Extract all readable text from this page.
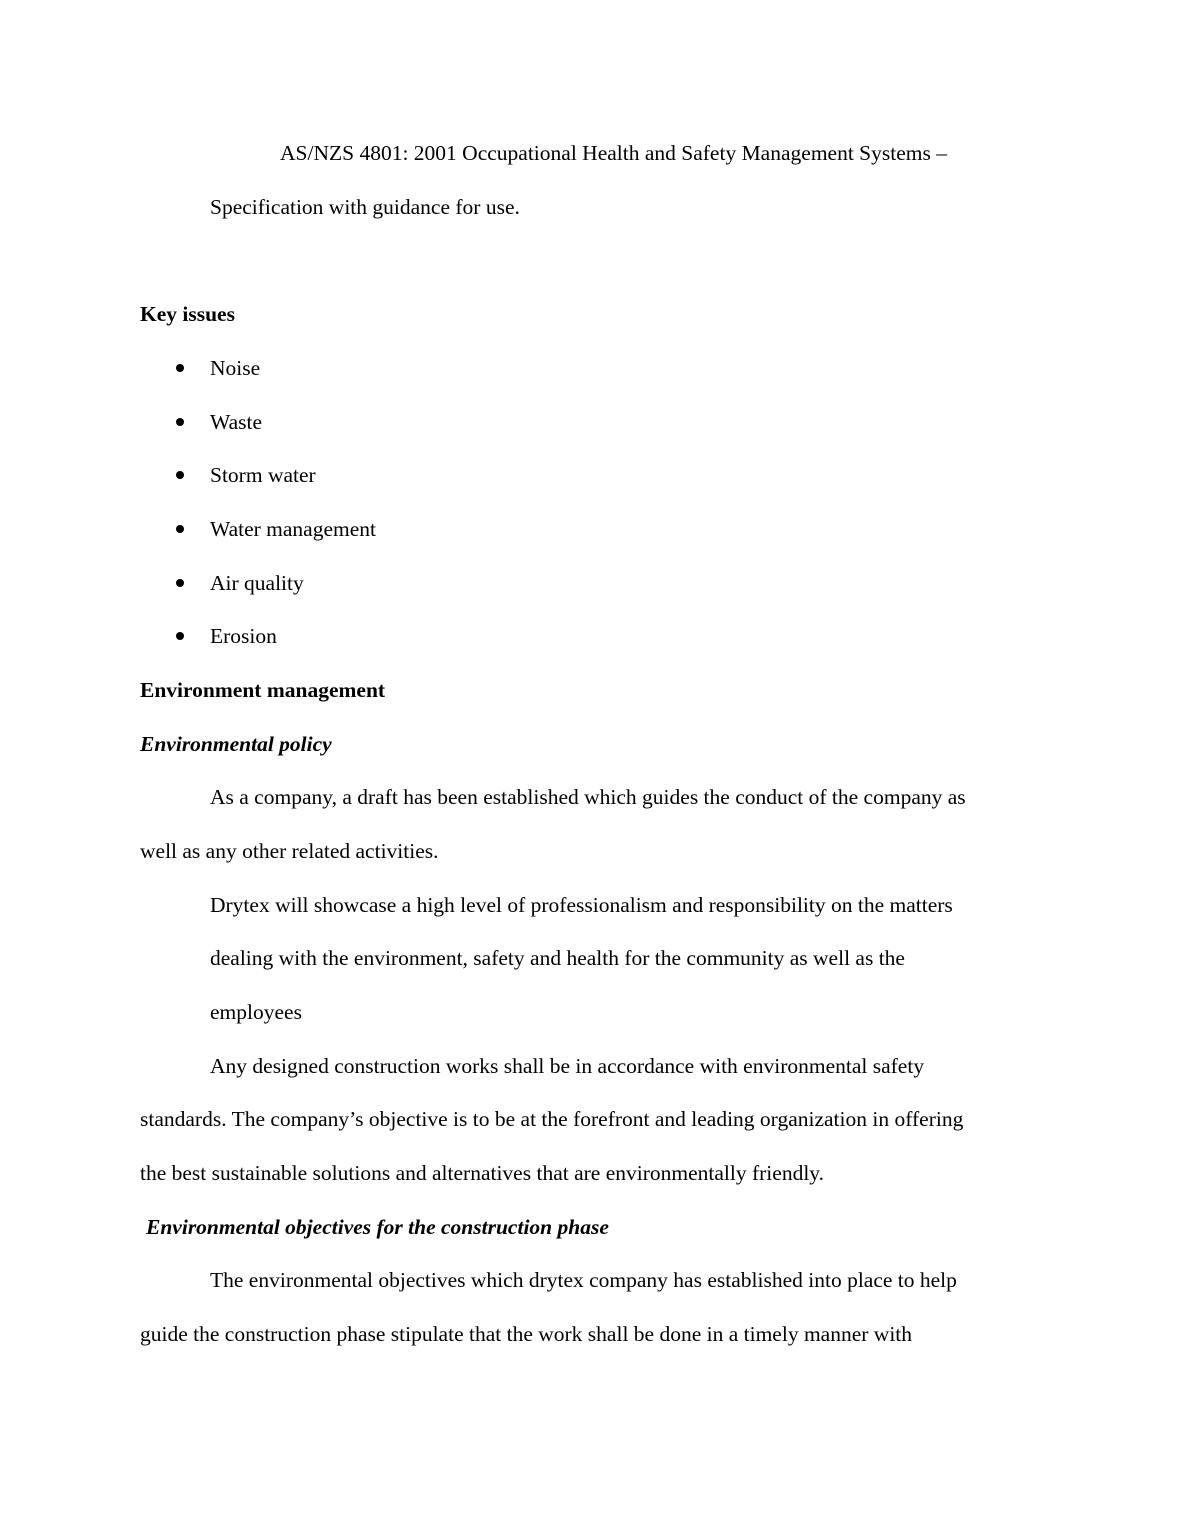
AS/NZS 4801: 2001 Occupational Health and Safety Management Systems –

Specification with guidance for use.

Key issues

Noise

Waste

Storm water

Water management

Air quality

Erosion

Environment management

Environmental policy

As a company, a draft has been established which guides the conduct of the company as

well as any other related activities.

Drytex will showcase a high level of professionalism and responsibility on the matters

dealing with the environment, safety and health for the community as well as the

employees

Any designed construction works shall be in accordance with environmental safety

standards. The company’s objective is to be at the forefront and leading organization in offering

the best sustainable solutions and alternatives that are environmentally friendly.

Environmental objectives for the construction phase

The environmental objectives which drytex company has established into place to help

guide the construction phase stipulate that the work shall be done in a timely manner with
